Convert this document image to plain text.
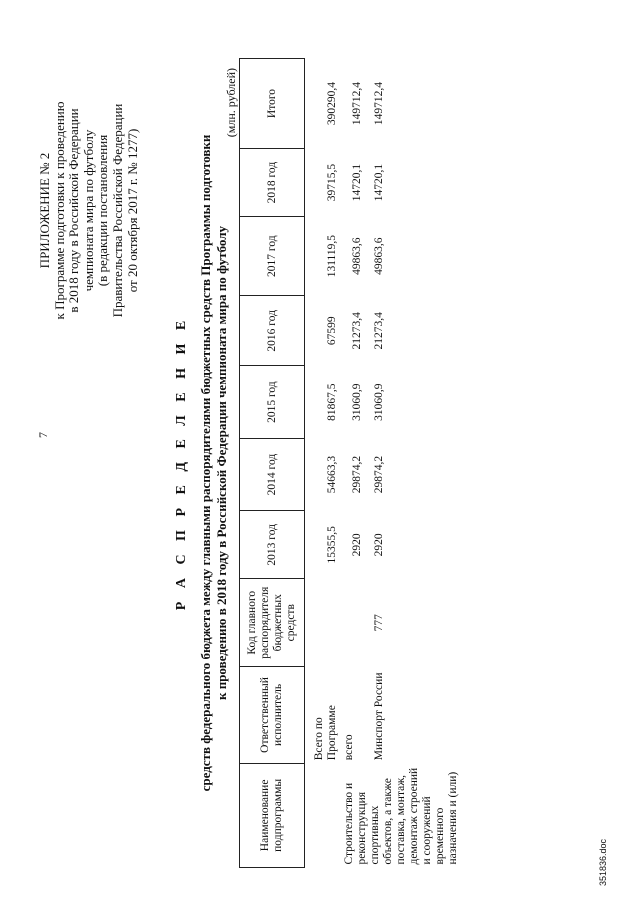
7
ПРИЛОЖЕНИЕ № 2 к Программе подготовки к проведению в 2018 году в Российской Федерации чемпионата мира по футболу (в редакции постановления Правительства Российской Федерации от 20 октября 2017 г. № 1277)
Р А С П Р Е Д Е Л Е Н И Е средств федерального бюджета между главными распорядителями бюджетных средств Программы подготовки к проведению в 2018 году в Российской Федерации чемпионата мира по футболу
(млн. рублей)
Наименование подпрограммы	Ответственный исполнитель	Код главного распорядителя бюджетных средств	2013 год	2014 год	2015 год	2016 год	2017 год	2018 год	Итого
	Всего по Программе		15355,5	54663,3	81867,5	67599	131119,5	39715,5	390290,4
Строительство и реконструкция спортивных объектов, а также поставка, монтаж, демонтаж строений и сооружений временного назначения и (или)	всего		2920	29874,2	31060,9	21273,4	49863,6	14720,1	149712,4
	Минспорт России	777	2920	29874,2	31060,9	21273,4	49863,6	14720,1	149712,4

351836.doc
